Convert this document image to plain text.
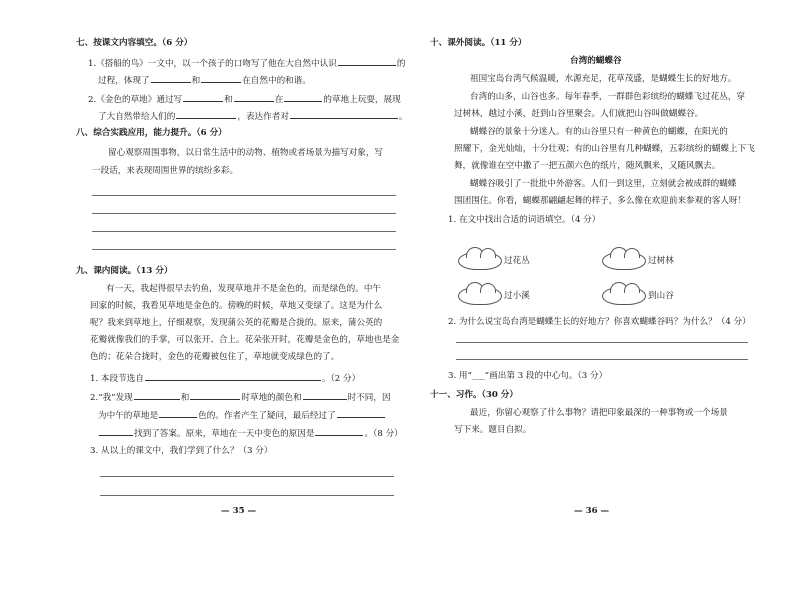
七、按课文内容填空。（6 分）
1.《搭船的鸟》一文中，以一个孩子的口吻写了他在大自然中认识	的
过程，体现了	和	在自然中的和谐。
2.《金色的草地》通过写	和	在	的草地上玩耍，展现
了大自然带给人们的	，表达作者对	。
八、综合实践应用，能力提升。（6 分）
留心观察周围事物，以日常生活中的动物、植物或者场景为描写对象，写
一段话，来表现周围世界的缤纷多彩。
九、课内阅读。（13 分）
有一天，我起得很早去钓鱼，发现草地并不是金色的，而是绿色的。中午
回家的时候，我看见草地是金色的。傍晚的时候，草地又变绿了。这是为什么
呢？我来到草地上，仔细观察，发现蒲公英的花瓣是合拢的。原来，蒲公英的
花瓣就像我们的手掌，可以张开、合上。花朵张开时，花瓣是金色的，草地也是金
色的；花朵合拢时，金色的花瓣被包住了，草地就变成绿色的了。
1. 本段节选自	。（2 分）
2.“我”发现	和	时草地的颜色和	时不同，因
为中午的草地是	色的。作者产生了疑问，最后经过了
找到了答案。原来，草地在一天中变色的原因是	。（8 分）
3. 从以上的课文中，我们学到了什么？（3 分）
— 35 —
十、课外阅读。（11 分）
台湾的蝴蝶谷
祖国宝岛台湾气候温暖，水源充足，花草茂盛，是蝴蝶生长的好地方。
台湾的山多，山谷也多。每年春季，一群群色彩缤纷的蝴蝶飞过花丛，穿
过树林，越过小溪，赶到山谷里聚会。人们就把山谷叫做蝴蝶谷。
蝴蝶谷的景象十分迷人。有的山谷里只有一种黄色的蝴蝶，在阳光的
照耀下，金光灿灿，十分壮观；有的山谷里有几种蝴蝶，五彩缤纷的蝴蝶上下飞
舞，就像谁在空中撒了一把五颜六色的纸片，随风飘来，又随风飘去。
蝴蝶谷吸引了一批批中外游客。人们一到这里，立刻就会被成群的蝴蝶
围团围住。你看，蝴蝶那翩翩起舞的样子，多么像在欢迎前来参观的客人呀！
1. 在文中找出合适的词语填空。（4 分）
过花丛	过树林
过小溪	到山谷
2. 为什么说宝岛台湾是蝴蝶生长的好地方？你喜欢蝴蝶谷吗？为什么？（4 分）
3. 用“___”画出第 3 段的中心句。（3 分）
十一、习作。（30 分）
最近，你留心观察了什么事物？请把印象最深的一种事物或一个场景
写下来。题目自拟。
— 36 —
